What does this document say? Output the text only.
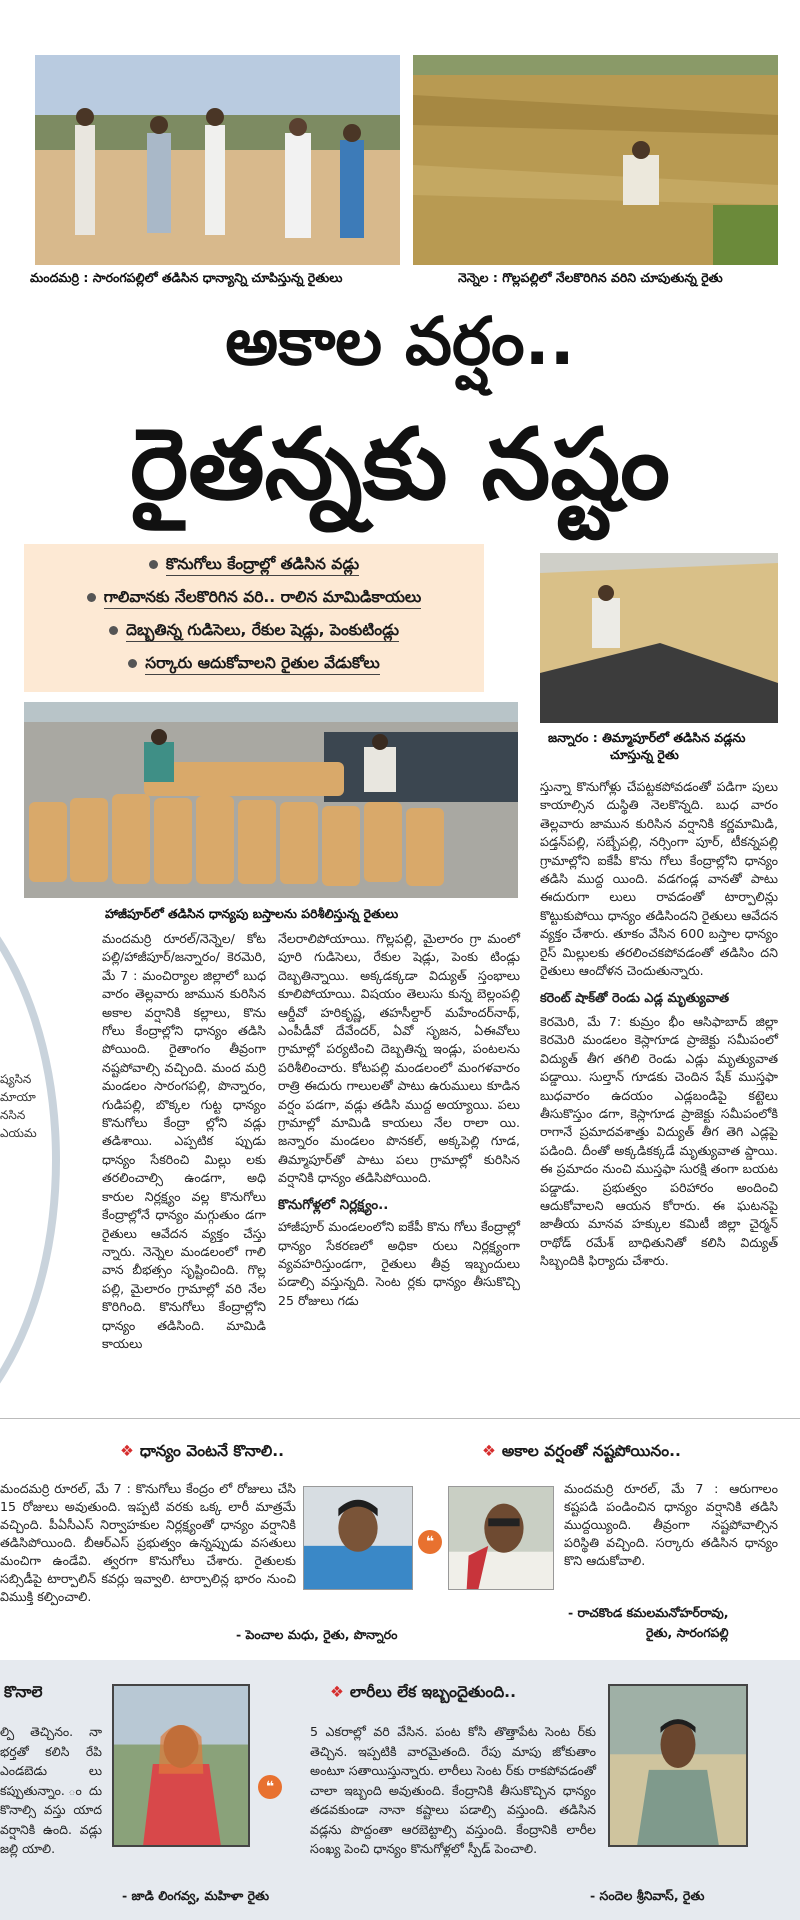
మందమర్రి : సారంగపల్లిలో తడిసిన ధాన్యాన్ని చూపిస్తున్న రైతులు	నెన్నెల : గొల్లపల్లిలో నేలకొరిగిన వరిని చూపుతున్న రైతు
అకాల వర్షం..
రైతన్నకు నష్టం
కొనుగోలు కేంద్రాల్లో తడిసిన వడ్లు
గాలివానకు నేలకొరిగిన వరి.. రాలిన మామిడికాయలు
దెబ్బతిన్న గుడిసెలు, రేకుల షెడ్లు, పెంకుటిండ్లు
సర్కారు ఆదుకోవాలని రైతుల వేడుకోలు
జన్నారం : తిమ్మాపూర్‌లో తడిసిన వడ్లను
చూస్తున్న రైతు
హాజీపూర్‌లో తడిసిన ధాన్యపు బస్తాలను పరిశీలిస్తున్న రైతులు
ష్యసిన
మాయా
నసిన
ఎయమ

స్తున్నా కొనుగోళ్లు చేపట్టకపోవడంతో పడిగా పులు కాయాల్సిన దుస్థితి నెలకొన్నది. బుధ వారం తెల్లవారు జామున కురిసిన వర్షానికి కర్ణమామిడి, పడ్తన్‌పల్లి, సబ్బేపల్లి, నర్సింగా పూర్‌, టీకన్నపల్లి గ్రామాల్లోని ఐకేపీ కొను గోలు కేంద్రాల్లోని ధాన్యం తడిసి ముద్ద యింది. వడగండ్ల వానతో పాటు ఈదురుగా లులు రావడంతో టార్పాలిన్లు కొట్టుకుపోయి ధాన్యం తడిసిందని రైతులు ఆవేదన వ్యక్తం చేశారు. తూకం వేసిన 600 బస్తాల ధాన్యం రైస్‌ మిల్లులకు తరలించకపోవడంతో తడిసిం దని రైతులు ఆందోళన చెందుతున్నారు.

కరెంట్‌ షాక్‌తో రెండు ఎడ్ల మృత్యువాత

కెరమెరి, మే 7: కుమ్రం భీం ఆసిఫాబాద్‌ జిల్లా కెరమెరి మండలం కెస్లాగూడ ప్రాజెక్టు సమీపంలో విద్యుత్‌ తీగ తగిలి రెండు ఎడ్లు మృత్యువాత పడ్డాయి. సుల్తాన్‌ గూడకు చెందిన షేక్‌ ముస్తఫా బుధవారం ఉదయం ఎడ్లబండిపై కట్టెలు తీసుకొస్తుం డగా, కెస్లాగూడ ప్రాజెక్టు సమీపంలోకి రాగానే ప్రమాదవశాత్తు విద్యుత్‌ తీగ తెగి ఎడ్లపై పడింది. దీంతో అక్కడికక్కడే మృత్యువాత ప్డాయి. ఈ ప్రమాదం నుంచి ముస్తఫా సురక్షి తంగా బయట పడ్డాడు. ప్రభుత్వం పరిహారం అందించి ఆదుకోవాలని ఆయన కోరారు. ఈ ఘటనపై జాతీయ మానవ హక్కుల కమిటీ జిల్లా చైర్మన్‌ రాథోడ్‌ రమేశ్‌ బాధితునితో కలిసి విద్యుత్‌ సిబ్బందికి ఫిర్యాదు చేశారు.

మందమర్రి రూరల్‌/నెన్నెల/ కోట పల్లి/హాజీపూర్‌/జన్నారం/ కెరమెరి, మే 7 : మంచిర్యాల జిల్లాలో బుధ వారం తెల్లవారు జామున కురిసిన అకాల వర్షానికి కల్లాలు, కొను గోలు కేంద్రాల్లోని ధాన్యం తడిసి పోయింది. రైతాంగం తీవ్రంగా నష్టపోవాల్సి వచ్చింది. మంద మర్రి మండలం సారంగపల్లి, పొన్నారం, గుడిపల్లి, బొక్కల గుట్ట ధాన్యం కొనుగోలు కేంద్రా ల్లోని వడ్లు తడిశాయి. ఎప్పటిక ప్పుడు ధాన్యం సేకరించి మిల్లు లకు తరలించాల్సి ఉండగా, అధి కారుల నిర్లక్ష్యం వల్ల కొనుగోలు కేంద్రాల్లోనే ధాన్యం మగ్గుతుం డగా రైతులు ఆవేదన వ్యక్తం చేస్తు న్నారు. నెన్నెల మండలంలో గాలి వాన బీభత్సం సృష్టించింది. గొల్ల పల్లి, మైలారం గ్రామాల్లో వరి నేల కొరిగింది. కొనుగోలు కేంద్రాల్లోని ధాన్యం తడిసింది. మామిడి కాయలు

నేలరాలిపోయాయి. గొల్లపల్లి, మైలారం గ్రా మంలో పూరి గుడిసెలు, రేకుల షెడ్లు, పెంకు టిండ్లు దెబ్బతిన్నాయి. అక్కడక్కడా విద్యుత్‌ స్తంభాలు కూలిపోయాయి. విషయం తెలుసు కున్న బెల్లంపల్లి ఆర్డీవో హరికృష్ణ, తహసీల్దార్‌ మహేందర్‌నాథ్‌, ఎంపీడీవో దేవేందర్‌, ఏవో సృజన, ఏఈవోలు గ్రామాల్లో పర్యటించి దెబ్బతిన్న ఇండ్లు, పంటలను పరిశీలించారు. కోటపల్లి మండలంలో మంగళవారం రాత్రి ఈదురు గాలులతో పాటు ఉరుములు కూడిన వర్షం పడగా, వడ్లు తడిసి ముద్ద అయ్యాయి. పలు గ్రామాల్లో మామిడి కాయలు నేల రాలా యి. జన్నారం మండలం పొనకల్‌, అక్కపెల్లి గూడ, తిమ్మాపూర్‌తో పాటు పలు గ్రామాల్లో కురిసిన వర్షానికి ధాన్యం తడిసిపోయింది.

కొనుగోళ్లలో నిర్లక్ష్యం..

హాజీపూర్‌ మండలంలోని ఐకేపీ కొను గోలు కేంద్రాల్లో ధాన్యం సేకరణలో అధికా రులు నిర్లక్ష్యంగా వ్యవహరిస్తుండగా, రైతులు తీవ్ర ఇబ్బందులు పడాల్సి వస్తున్నది. సెంట ర్లకు ధాన్యం తీసుకొచ్చి 25 రోజులు గడు

❖ ధాన్యం వెంటనే కొనాలి..	❖ అకాల వర్షంతో నష్టపోయినం..
మందమర్రి రూరల్‌, మే 7 : కొనుగోలు కేంద్రం లో రోజులు చేసి 15 రోజులు అవుతుంది. ఇప్పటి వరకు ఒక్క లారీ మాత్రమే వచ్చింది. పీఏసీఎస్‌ నిర్వాహకుల నిర్లక్ష్యంతో ధాన్యం వర్షానికి తడిసిపోయింది. బీఆర్‌ఎస్‌ ప్రభుత్వం ఉన్నప్పుడు వసతులు మంచిగా ఉండేవి. త్వరగా కొనుగోలు చేశారు. రైతులకు సబ్సిడీపై టార్పాలిన్‌ కవర్లు ఇవ్వాలి. టార్పాలిన్ల భారం నుంచి విముక్తి కల్పించాలి.
❝
మందమర్రి రూరల్‌, మే 7 : ఆరుగాలం కష్టపడి పండించిన ధాన్యం వర్షానికి తడిసి ముద్దయ్యింది. తీవ్రంగా నష్టపోవాల్సిన పరిస్థితి వచ్చింది. సర్కారు తడిసిన ధాన్యం కొని ఆదుకోవాలి.
- పెంచాల మధు, రైతు, పొన్నారం
- రాచకొండ కమలమనోహర్‌రావు,
రైతు, సారంగపల్లి
కొనాలె
ల్పి తెచ్చినం. నా భర్తతో కలిసి రేపి ఎండబెడు లు కప్పుతున్నాం. ందు కొనాల్సి వస్తు యాద వర్షానికి ఉంది. వడ్లు జల్లి యాలి.
❝
❖ లారీలు లేక ఇబ్బందైతుంది..
5 ఎకరాల్లో వరి వేసిన. పంట కోసి తొత్తాపేట సెంట ర్‌కు తెచ్చిన. ఇప్పటికి వారమైతంది. రేపు మాపు జోకుతాం అంటూ సతాయిస్తున్నారు. లారీలు సెంట ర్‌కు రాకపోవడంతో చాలా ఇబ్బంది అవుతుంది. కేంద్రానికి తీసుకొచ్చిన ధాన్యం తడవకుండా నానా కష్టాలు పడాల్సి వస్తుంది. తడిసిన వడ్లను పొద్దంతా ఆరబెట్టాల్సి వస్తుంది. కేంద్రానికి లారీల సంఖ్య పెంచి ధాన్యం కొనుగోళ్లలో స్పీడ్‌ పెంచాలి.
- జాడి లింగవ్వ, మహిళా రైతు	- సందెల శ్రీనివాస్‌, రైతు
